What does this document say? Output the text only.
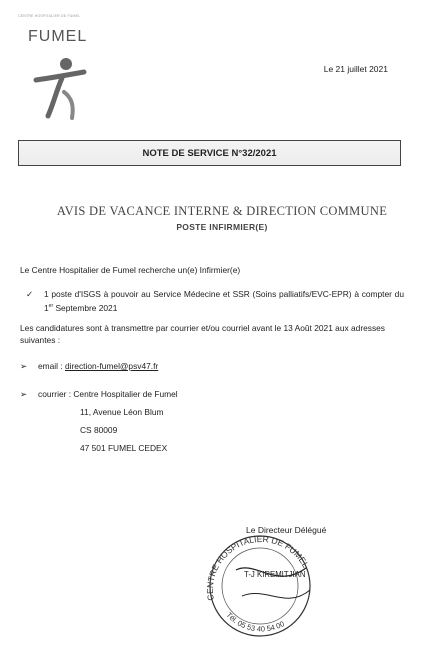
CENTRE HOSPITALIER DE FUMEL
FUMEL
Le 21 juillet 2021
NOTE DE SERVICE N°32/2021
AVIS DE VACANCE INTERNE & DIRECTION COMMUNE
POSTE INFIRMIER(E)
Le Centre Hospitalier de Fumel recherche un(e) Infirmier(e)
✓ 1 poste d'ISGS à pouvoir au Service Médecine et SSR (Soins palliatifs/EVC-EPR) à compter du 1er Septembre 2021
Les candidatures sont à transmettre par courrier et/ou courriel avant le 13 Août 2021 aux adresses suivantes :
➢ email : direction-fumel@psv47.fr
➢ courrier : Centre Hospitalier de Fumel
11, Avenue Léon Blum
CS 80009
47 501 FUMEL CEDEX
Le Directeur Délégué
CENTRE HOSPITALIER DE FUMEL
Tél. 05 53 40 54 00
T-J KIREMITJIAN
